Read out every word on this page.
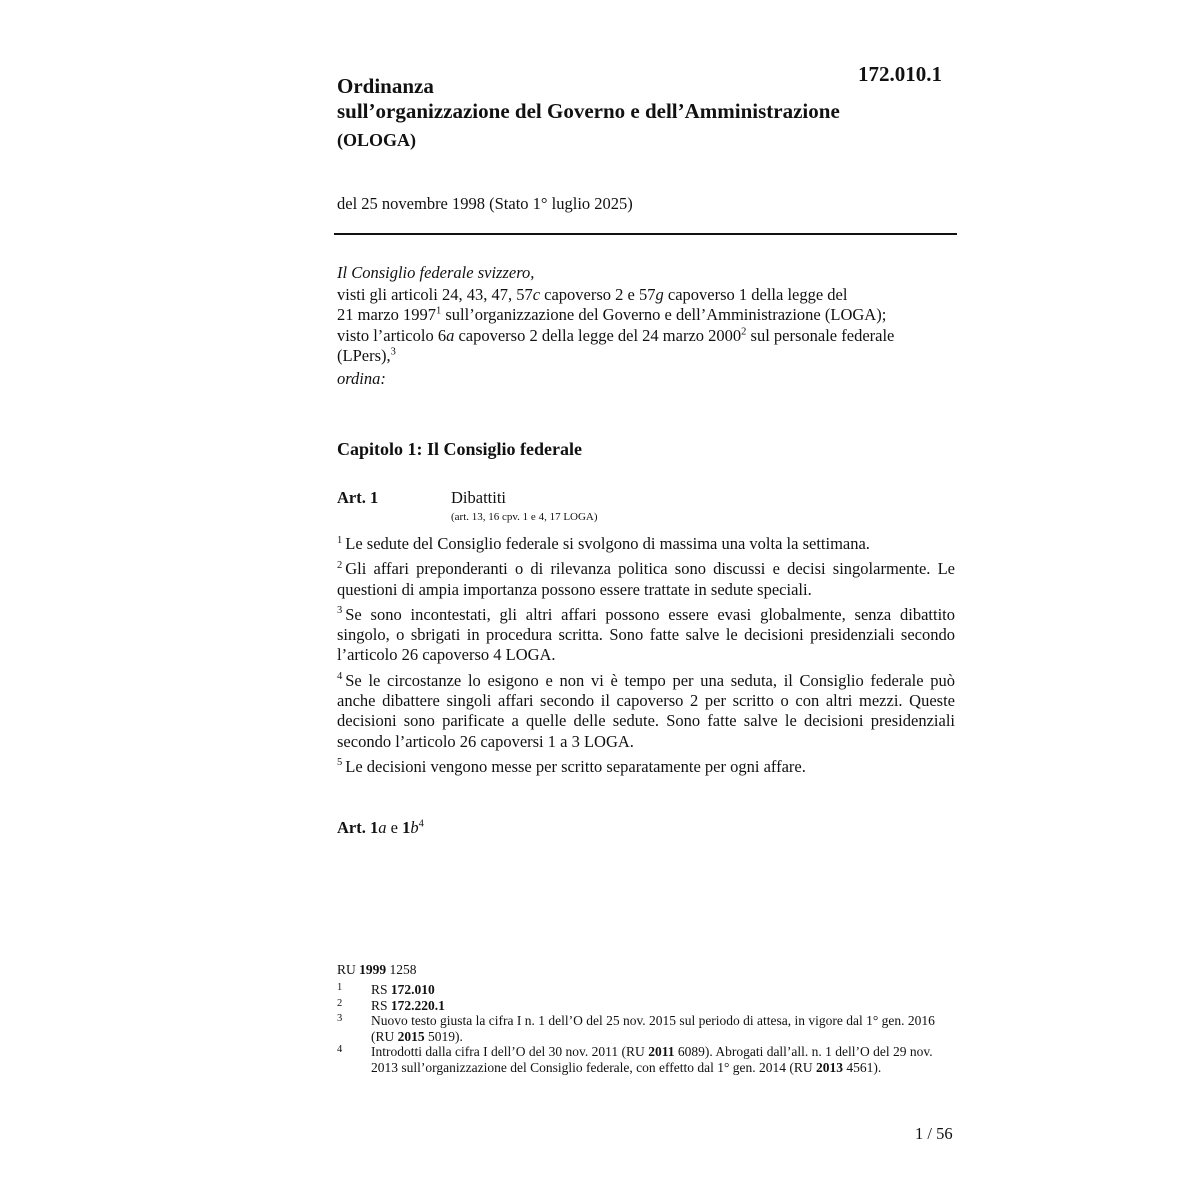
172.010.1
Ordinanza
sull’organizzazione del Governo e dell’Amministrazione
(OLOGA)
del 25 novembre 1998 (Stato 1° luglio 2025)

Il Consiglio federale svizzero,

visti gli articoli 24, 43, 47, 57c capoverso 2 e 57g capoverso 1 della legge del
21 marzo 1997$^1$ sull’organizzazione del Governo e dell’Amministrazione (LOGA);

visto l’articolo 6a capoverso 2 della legge del 24 marzo 2000$^2$ sul personale federale
(LPers),$^3$

ordina:

Capitolo 1: Il Consiglio federale
Art. 1	Dibattiti
(art. 13, 16 cpv. 1 e 4, 17 LOGA)

$^1$ Le sedute del Consiglio federale si svolgono di massima una volta la settimana.

$^2$ Gli affari preponderanti o di rilevanza politica sono discussi e decisi singolarmente. Le questioni di ampia importanza possono essere trattate in sedute speciali.

$^3$ Se sono incontestati, gli altri affari possono essere evasi globalmente, senza dibattito singolo, o sbrigati in procedura scritta. Sono fatte salve le decisioni presidenziali secondo l’articolo 26 capoverso 4 LOGA.

$^4$ Se le circostanze lo esigono e non vi è tempo per una seduta, il Consiglio federale può anche dibattere singoli affari secondo il capoverso 2 per scritto o con altri mezzi. Queste decisioni sono parificate a quelle delle sedute. Sono fatte salve le decisioni presidenziali secondo l’articolo 26 capoversi 1 a 3 LOGA.

$^5$ Le decisioni vengono messe per scritto separatamente per ogni affare.

Art. 1a e $1b^4$
RU 1999 1258
1 RS 172.010
2 RS 172.220.1
3 Nuovo testo giusta la cifra I n. 1 dell’O del 25 nov. 2015 sul periodo di attesa, in vigore dal 1° gen. 2016 (RU 2015 5019).
4 Introdotti dalla cifra I dell’O del 30 nov. 2011 (RU 2011 6089). Abrogati dall’all. n. 1 dell’O del 29 nov. 2013 sull’organizzazione del Consiglio federale, con effetto dal 1° gen. 2014 (RU 2013 4561).
1 / 56
